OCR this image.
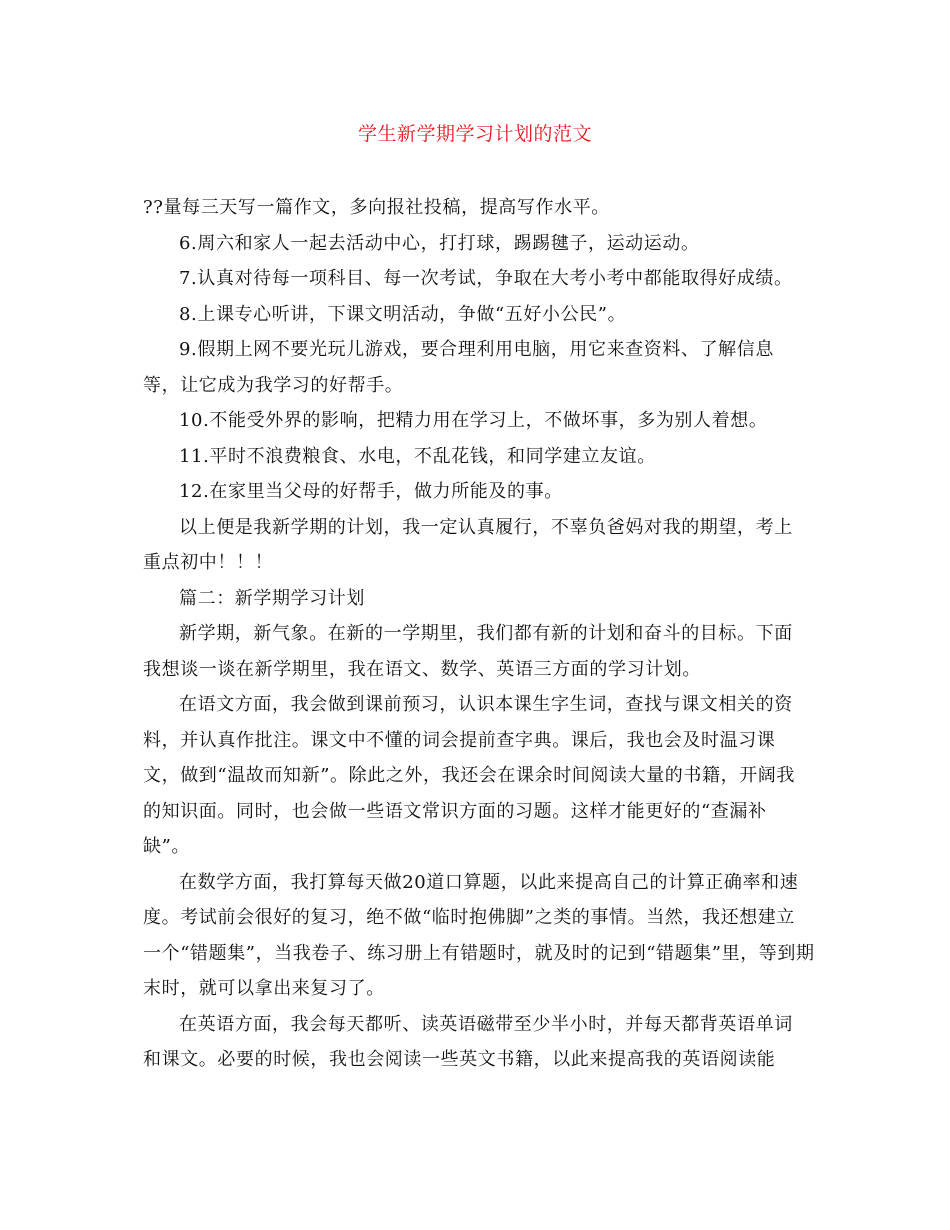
学生新学期学习计划的范文

??量每三天写一篇作文，多向报社投稿，提高写作水平。

6.周六和家人一起去活动中心，打打球，踢踢毽子，运动运动。

7.认真对待每一项科目、每一次考试，争取在大考小考中都能取得好成绩。

8.上课专心听讲，下课文明活动，争做“五好小公民”。

9.假期上网不要光玩儿游戏，要合理利用电脑，用它来查资料、了解信息
等，让它成为我学习的好帮手。

10.不能受外界的影响，把精力用在学习上，不做坏事，多为别人着想。

11.平时不浪费粮食、水电，不乱花钱，和同学建立友谊。

12.在家里当父母的好帮手，做力所能及的事。

以上便是我新学期的计划，我一定认真履行，不辜负爸妈对我的期望，考上
重点初中！！！

篇二：新学期学习计划

新学期，新气象。在新的一学期里，我们都有新的计划和奋斗的目标。下面
我想谈一谈在新学期里，我在语文、数学、英语三方面的学习计划。

在语文方面，我会做到课前预习，认识本课生字生词，查找与课文相关的资
料，并认真作批注。课文中不懂的词会提前查字典。课后，我也会及时温习课
文，做到“温故而知新”。除此之外，我还会在课余时间阅读大量的书籍，开阔我
的知识面。同时，也会做一些语文常识方面的习题。这样才能更好的“查漏补
缺”。

在数学方面，我打算每天做20道口算题，以此来提高自己的计算正确率和速
度。考试前会很好的复习，绝不做“临时抱佛脚”之类的事情。当然，我还想建立
一个“错题集”，当我卷子、练习册上有错题时，就及时的记到“错题集”里，等到期
末时，就可以拿出来复习了。

在英语方面，我会每天都听、读英语磁带至少半小时，并每天都背英语单词
和课文。必要的时候，我也会阅读一些英文书籍，以此来提高我的英语阅读能
